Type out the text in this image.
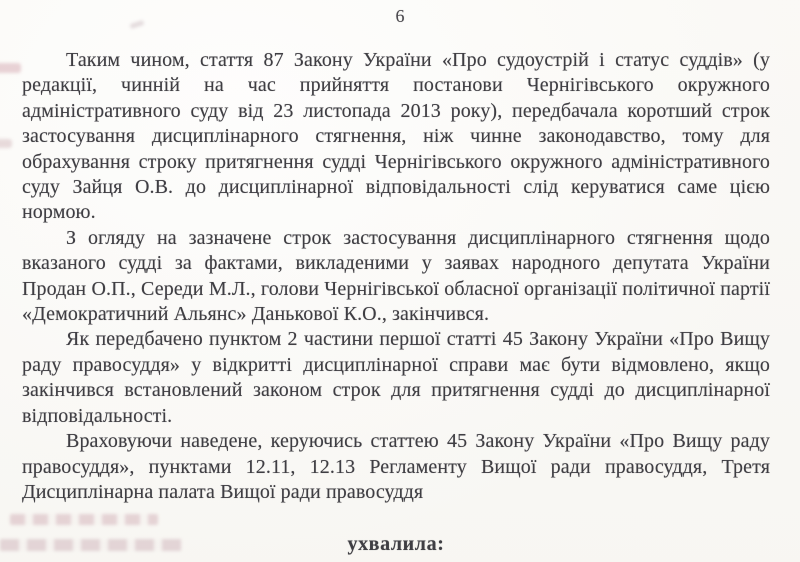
6

Таким чином, стаття 87 Закону України «Про судоустрій і статус суддів» (у редакції, чинній на час прийняття постанови Чернігівського окружного адміністративного суду від 23 листопада 2013 року), передбачала коротший строк застосування дисциплінарного стягнення, ніж чинне законодавство, тому для обрахування строку притягнення судді Чернігівського окружного адміністративного суду Зайця О.В. до дисциплінарної відповідальності слід керуватися саме цією нормою.

З огляду на зазначене строк застосування дисциплінарного стягнення щодо вказаного судді за фактами, викладеними у заявах народного депутата України Продан О.П., Середи М.Л., голови Чернігівської обласної організації політичної партії «Демократичний Альянс» Данькової К.О., закінчився.

Як передбачено пунктом 2 частини першої статті 45 Закону України «Про Вищу раду правосуддя» у відкритті дисциплінарної справи має бути відмовлено, якщо закінчився встановлений законом строк для притягнення судді до дисциплінарної відповідальності.

Враховуючи наведене, керуючись статтею 45 Закону України «Про Вищу раду правосуддя», пунктами 12.11, 12.13 Регламенту Вищої ради правосуддя, Третя Дисциплінарна палата Вищої ради правосуддя

ухвалила:
